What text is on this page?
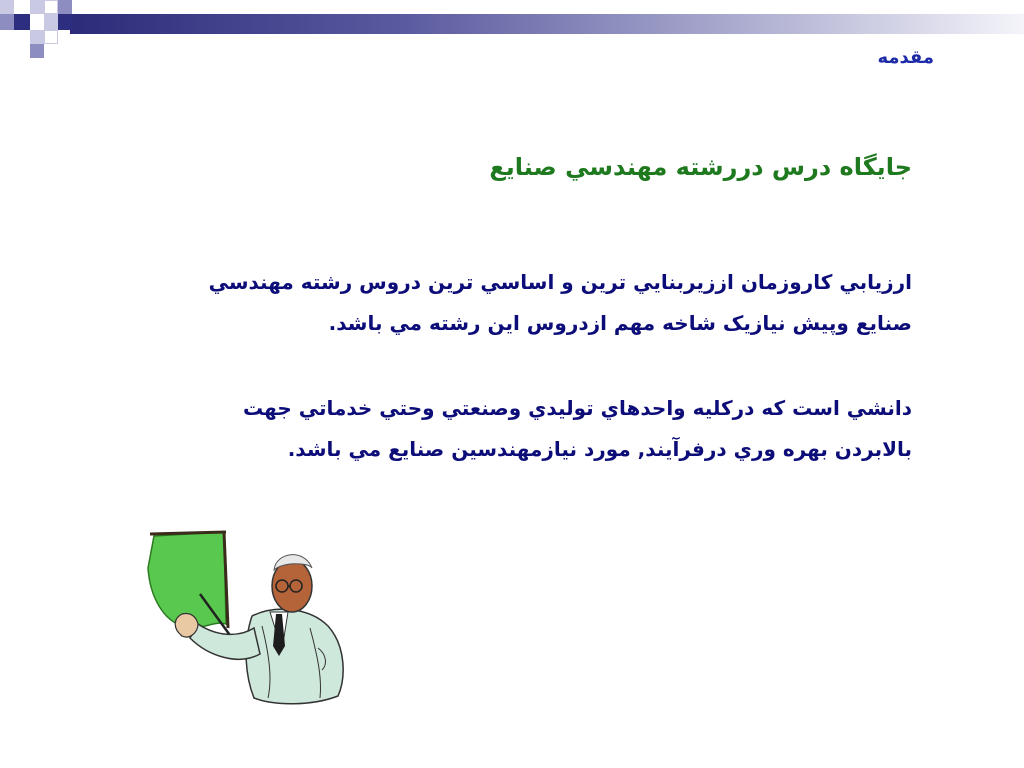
مقدمه
جايگاه درس دررشته مهندسي صنايع
ارزيابي کاروزمان اززيربنايي ترين و اساسي ترين دروس رشته مهندسي صنايع وپيش نيازيک شاخه مهم ازدروس اين رشته مي باشد.
دانشي است که درکليه واحدهاي توليدي وصنعتي وحتي خدماتي جهت بالابردن بهره وري درفرآيند, مورد نيازمهندسين صنايع مي باشد.
